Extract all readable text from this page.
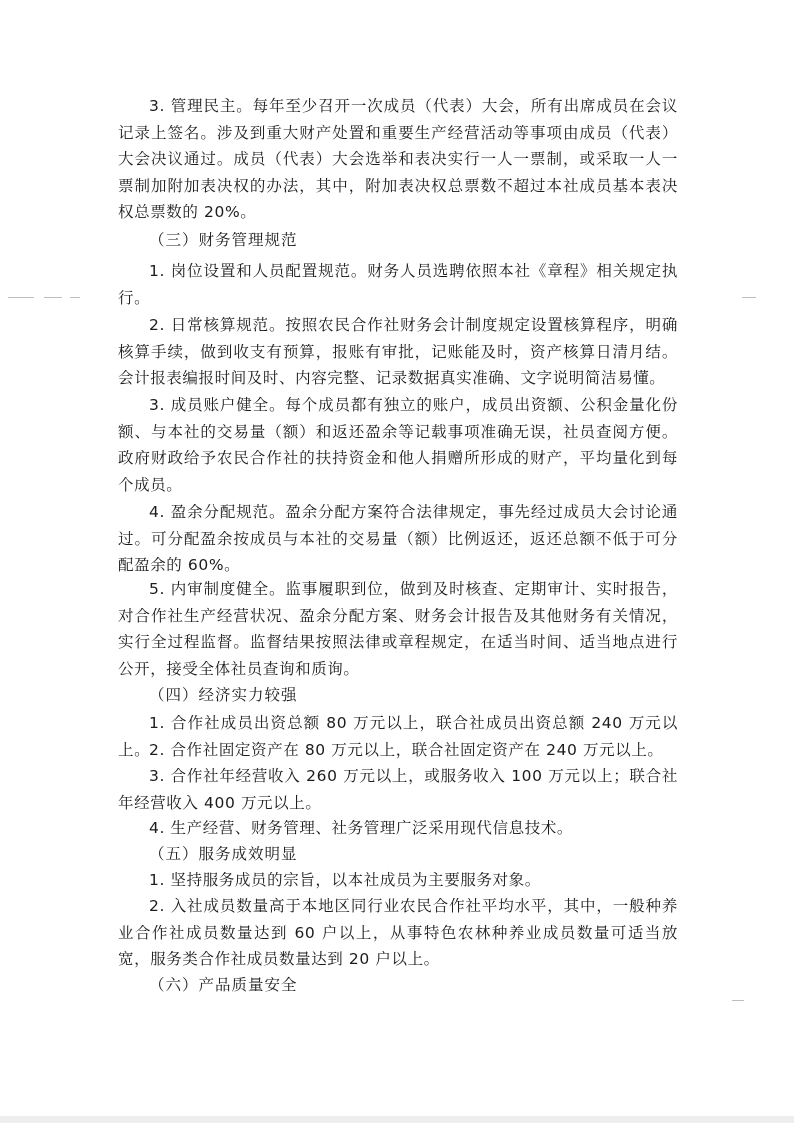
3. 管理民主。每年至少召开一次成员（代表）大会，所有出席成员在会议记录上签名。涉及到重大财产处置和重要生产经营活动等事项由成员（代表）大会决议通过。成员（代表）大会选举和表决实行一人一票制，或采取一人一票制加附加表决权的办法，其中，附加表决权总票数不超过本社成员基本表决权总票数的 20%。

（三）财务管理规范

1. 岗位设置和人员配置规范。财务人员选聘依照本社《章程》相关规定执行。

2. 日常核算规范。按照农民合作社财务会计制度规定设置核算程序，明确核算手续，做到收支有预算，报账有审批，记账能及时，资产核算日清月结。会计报表编报时间及时、内容完整、记录数据真实准确、文字说明简洁易懂。

3. 成员账户健全。每个成员都有独立的账户，成员出资额、公积金量化份额、与本社的交易量（额）和返还盈余等记载事项准确无误，社员查阅方便。政府财政给予农民合作社的扶持资金和他人捐赠所形成的财产，平均量化到每个成员。

4. 盈余分配规范。盈余分配方案符合法律规定，事先经过成员大会讨论通过。可分配盈余按成员与本社的交易量（额）比例返还，返还总额不低于可分配盈余的 60%。

5. 内审制度健全。监事履职到位，做到及时核查、定期审计、实时报告，对合作社生产经营状况、盈余分配方案、财务会计报告及其他财务有关情况，实行全过程监督。监督结果按照法律或章程规定，在适当时间、适当地点进行公开，接受全体社员查询和质询。

（四）经济实力较强

1. 合作社成员出资总额 80 万元以上，联合社成员出资总额 240 万元以上。

2. 合作社固定资产在 80 万元以上，联合社固定资产在 240 万元以上。

3. 合作社年经营收入 260 万元以上，或服务收入 100 万元以上；联合社年经营收入 400 万元以上。

4. 生产经营、财务管理、社务管理广泛采用现代信息技术。

（五）服务成效明显

1. 坚持服务成员的宗旨，以本社成员为主要服务对象。

2. 入社成员数量高于本地区同行业农民合作社平均水平，其中，一般种养业合作社成员数量达到 60 户以上，从事特色农林种养业成员数量可适当放宽，服务类合作社成员数量达到 20 户以上。

（六）产品质量安全
